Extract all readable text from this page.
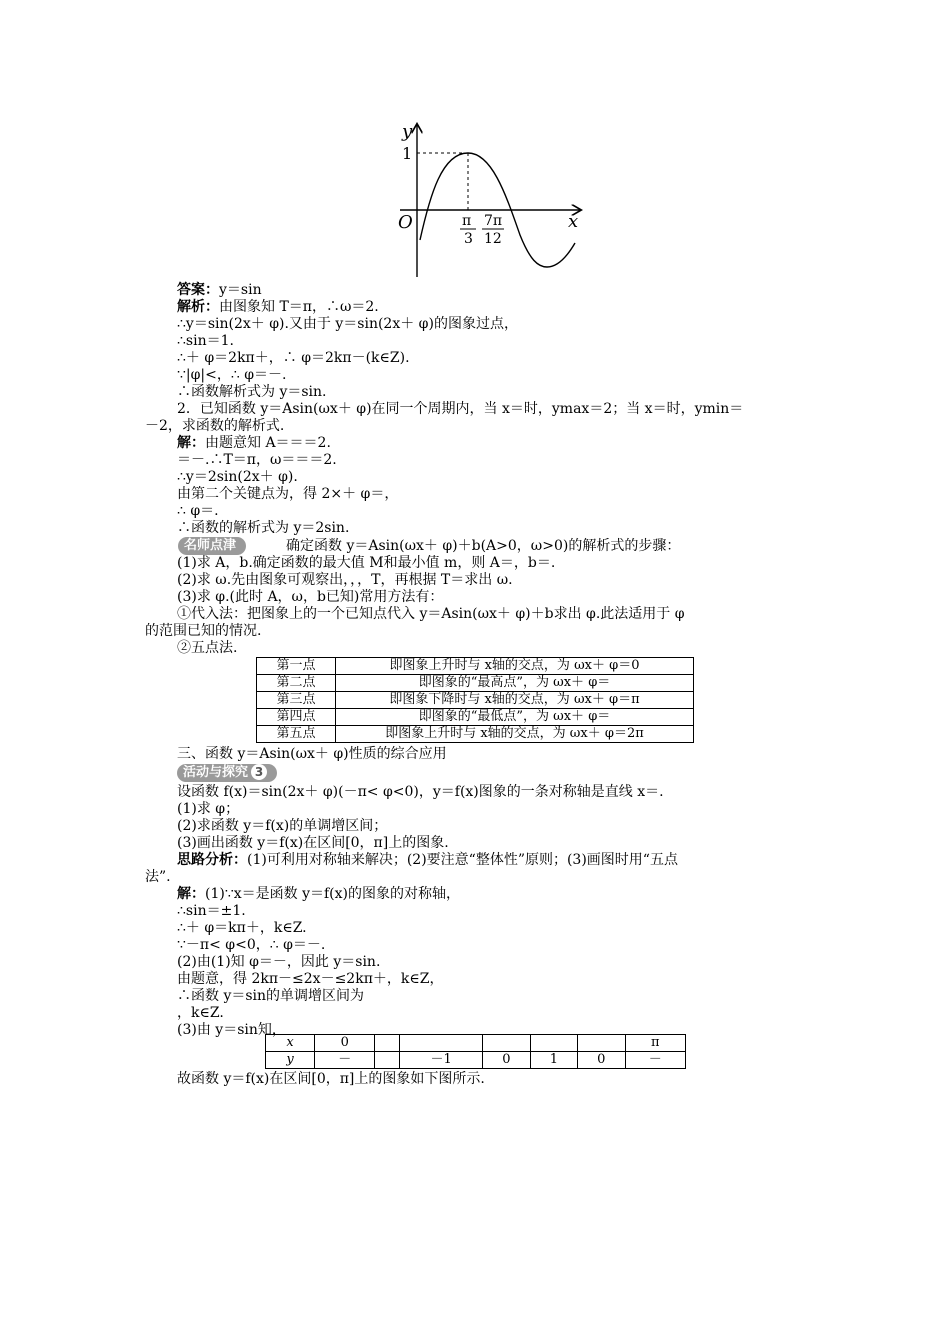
y
x
O
1
π
3
7π
12
答案：y＝sin
解析：由图象知 T＝π，∴ω＝2.
∴y＝sin(2x＋ φ).又由于 y＝sin(2x＋ φ)的图象过点，
∴sin＝1.
∴＋ φ＝2kπ＋，∴ φ＝2kπ－(k∈Z).
∵|φ|<，∴ φ＝－.
∴函数解析式为 y＝sin.
2．已知函数 y＝Asin(ωx＋ φ)在同一个周期内，当 x＝时，ymax＝2；当 x＝时，ymin＝
－2，求函数的解析式.
解：由题意知 A＝＝＝2.
＝－.∴T＝π，ω＝＝＝2.
∴y＝2sin(2x＋ φ).
由第二个关键点为，得 2×＋ φ＝，
∴ φ＝.
∴函数的解析式为 y＝2sin.
名师点津	确定函数 y＝Asin(ωx＋ φ)＋b(A>0，ω>0)的解析式的步骤：
(1)求 A，b.确定函数的最大值 M和最小值 m，则 A＝，b＝.
(2)求 ω.先由图象可观察出，，，T，再根据 T＝求出 ω.
(3)求 φ.(此时 A，ω，b已知)常用方法有：
①代入法：把图象上的一个已知点代入 y＝Asin(ωx＋ φ)＋b求出 φ.此法适用于 φ
的范围已知的情况.
②五点法.
第一点	即图象上升时与 x轴的交点，为 ωx＋ φ＝0
第二点	即图象的“最高点”，为 ωx＋ φ＝
第三点	即图象下降时与 x轴的交点，为 ωx＋ φ＝π
第四点	即图象的“最低点”，为 ωx＋ φ＝
第五点	即图象上升时与 x轴的交点，为 ωx＋ φ＝2π
三、函数 y＝Asin(ωx＋ φ)性质的综合应用
活动与探究 3
设函数 f(x)＝sin(2x＋ φ)(－π< φ<0)，y＝f(x)图象的一条对称轴是直线 x＝.
(1)求 φ；
(2)求函数 y＝f(x)的单调增区间；
(3)画出函数 y＝f(x)在区间[0，π]上的图象.
思路分析：(1)可利用对称轴来解决；(2)要注意“整体性”原则；(3)画图时用“五点
法”.
解：(1)∵x＝是函数 y＝f(x)的图象的对称轴，
∴sin＝±1.
∴＋ φ＝kπ＋，k∈Z.
∵－π< φ<0，∴ φ＝－.
(2)由(1)知 φ＝－，因此 y＝sin.
由题意，得 2kπ－≤2x－≤2kπ＋，k∈Z，
∴函数 y＝sin的单调增区间为
，k∈Z.
(3)由 y＝sin知，
x	0						π
y	－		－1	0	1	0	－
故函数 y＝f(x)在区间[0，π]上的图象如下图所示.
